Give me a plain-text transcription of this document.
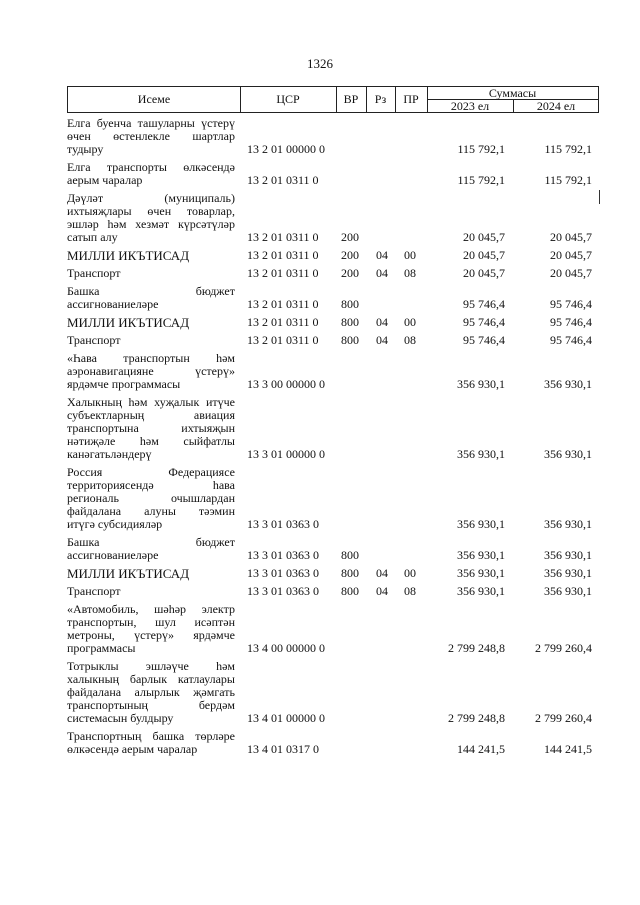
1326
Исеме	ЦСР	ВР	Рз	ПР	Суммасы
2023 ел	2024 ел
Елга буенча ташуларны үстерү
өчен өстенлекле шартлар
тудыру	13 2 01 00000 0	115 792,1	115 792,1
Елга транспорты өлкәсендә
аерым чаралар	13 2 01 0311 0	115 792,1	115 792,1
Дәүләт (муниципаль)
ихтыяҗлары өчен товарлар,
эшләр һәм хезмәт күрсәтүләр
сатып алу	13 2 01 0311 0	200	20 045,7	20 045,7
МИЛЛИ ИКЪТИСАД	13 2 01 0311 0	200	04	00	20 045,7	20 045,7
Транспорт	13 2 01 0311 0	200	04	08	20 045,7	20 045,7
Башка бюджет
ассигнованиеләре	13 2 01 0311 0	800	95 746,4	95 746,4
МИЛЛИ ИКЪТИСАД	13 2 01 0311 0	800	04	00	95 746,4	95 746,4
Транспорт	13 2 01 0311 0	800	04	08	95 746,4	95 746,4
«Һава транспортын һәм
аэронавигацияне үстерү»
ярдәмче программасы	13 3 00 00000 0	356 930,1	356 930,1
Халыкның һәм хуҗалык итүче
субъектларның авиация
транспортына ихтыяҗын
нәтиҗәле һәм сыйфатлы
канәгатьләндерү	13 3 01 00000 0	356 930,1	356 930,1
Россия Федерациясе
территориясендә һава
региональ очышлардан
файдалана алуны тәэмин
итүгә субсидияләр	13 3 01 0363 0	356 930,1	356 930,1
Башка бюджет
ассигнованиеләре	13 3 01 0363 0	800	356 930,1	356 930,1
МИЛЛИ ИКЪТИСАД	13 3 01 0363 0	800	04	00	356 930,1	356 930,1
Транспорт	13 3 01 0363 0	800	04	08	356 930,1	356 930,1
«Автомобиль, шәһәр электр
транспортын, шул исәптән
метроны, үстерү» ярдәмче
программасы	13 4 00 00000 0	2 799 248,8	2 799 260,4
Тотрыклы эшләүче һәм
халыкның барлык катлаулары
файдалана алырлык җәмгать
транспортының бердәм
системасын булдыру	13 4 01 00000 0	2 799 248,8	2 799 260,4
Транспортның башка төрләре
өлкәсендә аерым чаралар	13 4 01 0317 0	144 241,5	144 241,5
